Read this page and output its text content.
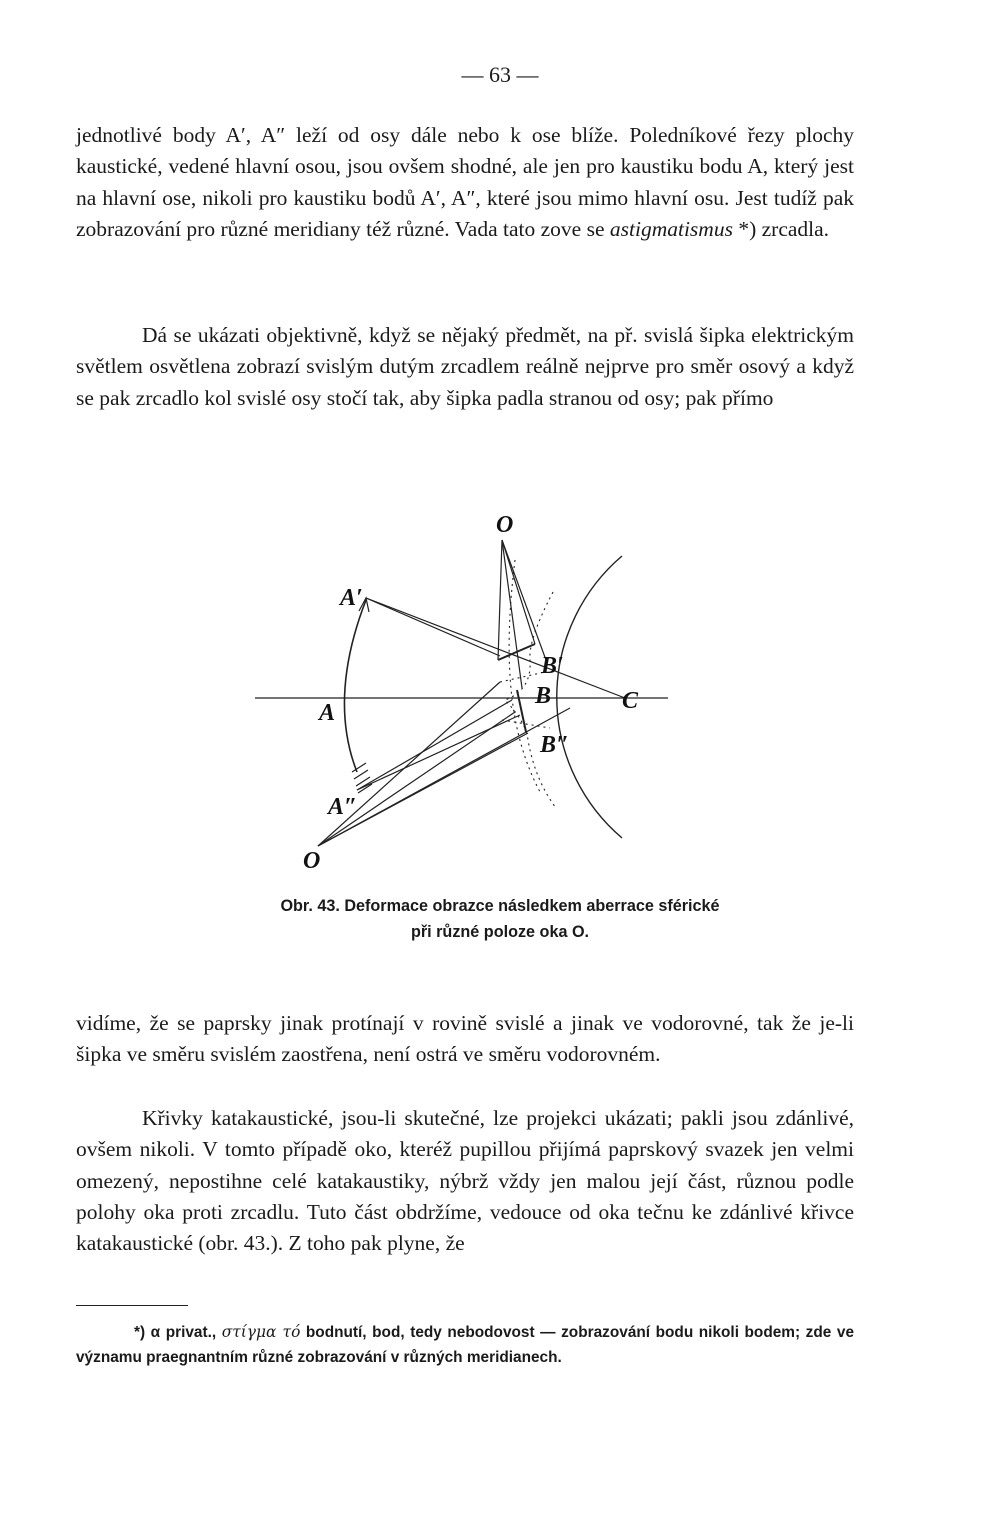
— 63 —

jednotlivé body A′, A″ leží od osy dále nebo k ose blíže. Poledníkové řezy plochy kaustické, vedené hlavní osou, jsou ovšem shodné, ale jen pro kaustiku bodu A, který jest na hlavní ose, nikoli pro kaustiku bodů A′, A″, které jsou mimo hlavní osu. Jest tudíž pak zobrazování pro různé meridiany též různé. Vada tato zove se astigmatismus *) zrcadla.

Dá se ukázati objektivně, když se nějaký předmět, na př. svislá šipka elektrickým světlem osvětlena zobrazí svislým dutým zrcadlem reálně nejprve pro směr osový a když se pak zrcadlo kol svislé osy stočí tak, aby šipka padla stranou od osy; pak přímo

O
O
A′
A
A″
B′
B
B″
C
Obr. 43. Deformace obrazce následkem aberrace sférické
při různé poloze oka O.

vidíme, že se paprsky jinak protínají v rovině svislé a jinak ve vodorovné, tak že je-li šipka ve směru svislém zaostřena, není ostrá ve směru vodorovném.

Křivky katakaustické, jsou-li skutečné, lze projekci ukázati; pakli jsou zdánlivé, ovšem nikoli. V tomto případě oko, kteréž pupillou přijímá paprskový svazek jen velmi omezený, nepostihne celé katakaustiky, nýbrž vždy jen malou její část, různou podle polohy oka proti zrcadlu. Tuto část obdržíme, vedouce od oka tečnu ke zdánlivé křivce katakaustické (obr. 43.). Z toho pak plyne, že

*) α privat., στίγμα τό bodnutí, bod, tedy nebodovost — zobrazování bodu nikoli bodem; zde ve významu praegnantním různé zobrazování v různých meridianech.
